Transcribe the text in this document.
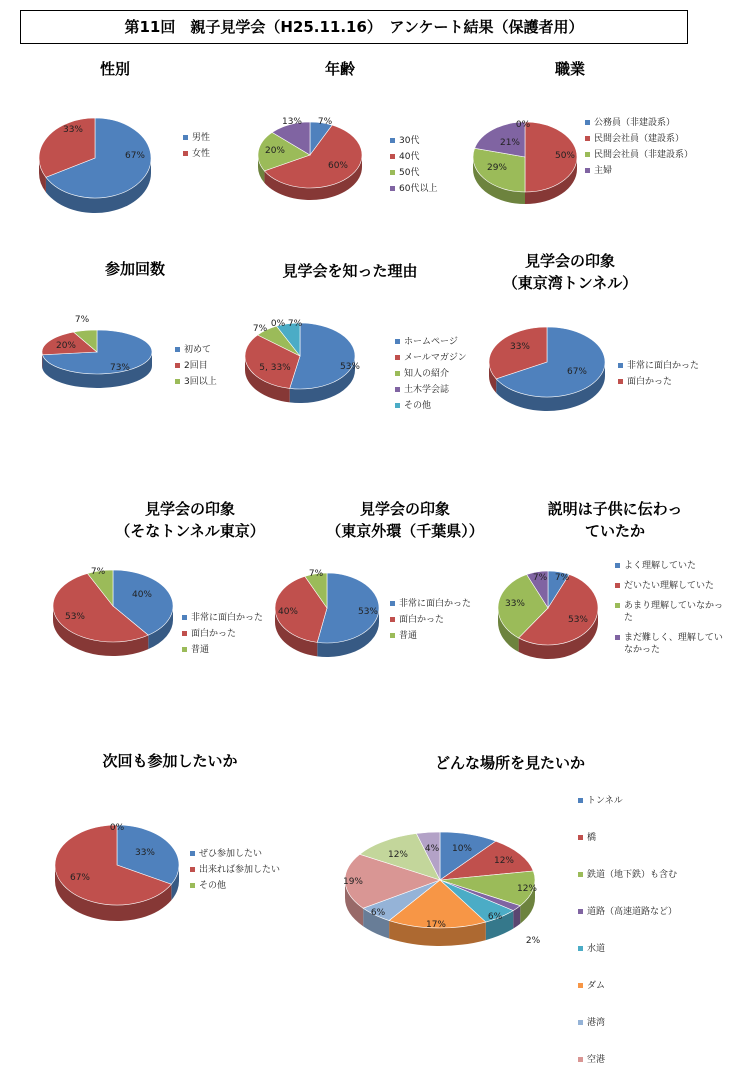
第11回　親子見学会（H25.11.16）　アンケート結果（保護者用）
性別
67%
33%
男性
女性
年齢
7%
60%
20%
13%
30代
40代
50代
60代以上
職業
0%
50%
29%
21%
公務員（非建設系）
民間会社員（建設系）
民間会社員（非建設系）
主婦
参加回数
73%
20%
7%
初めて
2回目
3回以上
見学会を知った理由
53%
5, 33%
7% 0% 7%
ホームページ
メールマガジン
知人の紹介
土木学会誌
その他
見学会の印象
（東京湾トンネル）
67%
33%
非常に面白かった
面白かった
見学会の印象
（そなトンネル東京）
40%
53%
7%
非常に面白かった
面白かった
普通
見学会の印象
（東京外環（千葉県））
53%
40%
7%
非常に面白かった
面白かった
普通
説明は子供に伝わっ
ていたか
7%
53%
33%
7%
よく理解していた
だいたい理解していた
あまり理解していなかった
まだ難しく、理解していなかった
次回も参加したいか
33%
67%
0%
ぜひ参加したい
出来れば参加したい
その他
どんな場所を見たいか
10%
12%
12%
2%
6%
17%
6%
19%
12%
4%
トンネル
橋
鉄道（地下鉄）も含む
道路（高速道路など）
水道
ダム
港湾
空港
